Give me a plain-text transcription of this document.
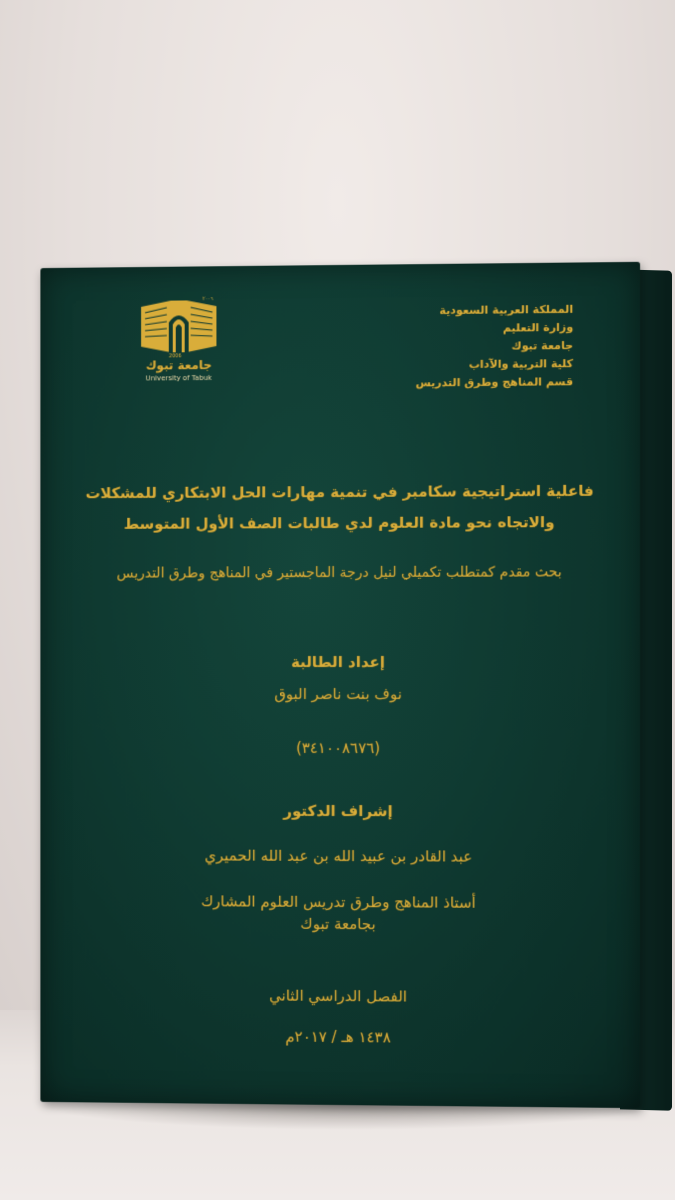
٢٠٠٦
2006
جامعة تبوك
University of Tabuk
المملكة العربية السعودية
وزارة التعليم
جامعة تبوك
كلية التربية والآداب
قسم المناهج وطرق التدريس
فاعلية استراتيجية سكامبر في تنمية مهارات الحل الابتكاري للمشكلات
والاتجاه نحو مادة العلوم لدي طالبات الصف الأول المتوسط
بحث مقدم كمتطلب تكميلي لنيل درجة الماجستير في المناهج وطرق التدريس
إعداد الطالبة
نوف بنت ناصر البوق
(٣٤١٠٠٨٦٧٦)
إشراف الدكتور
عبد القادر بن عبيد الله بن عبد الله الحميري
أستاذ المناهج وطرق تدريس العلوم المشارك
بجامعة تبوك
الفصل الدراسي الثاني
١٤٣٨ هـ / ٢٠١٧م
